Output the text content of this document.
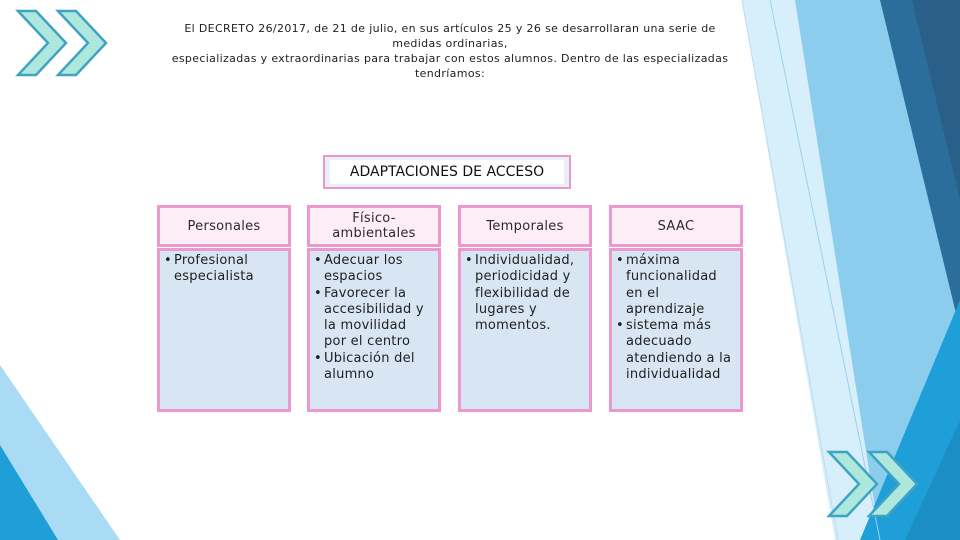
El DECRETO 26/2017, de 21 de julio, en sus artículos 25 y 26 se desarrollaran una serie de medidas ordinarias,
especializadas y extraordinarias para trabajar con estos alumnos. Dentro de las especializadas tendríamos:

ADAPTACIONES DE ACCESO
Personales
• Profesional especialista
Físico-ambientales
• Adecuar los espacios
• Favorecer la accesibilidad y la movilidad por el centro
• Ubicación del alumno
Temporales
• Individualidad, periodicidad y flexibilidad de lugares y momentos.
SAAC
• máxima funcionalidad en el aprendizaje
• sistema más adecuado atendiendo a la individualidad
